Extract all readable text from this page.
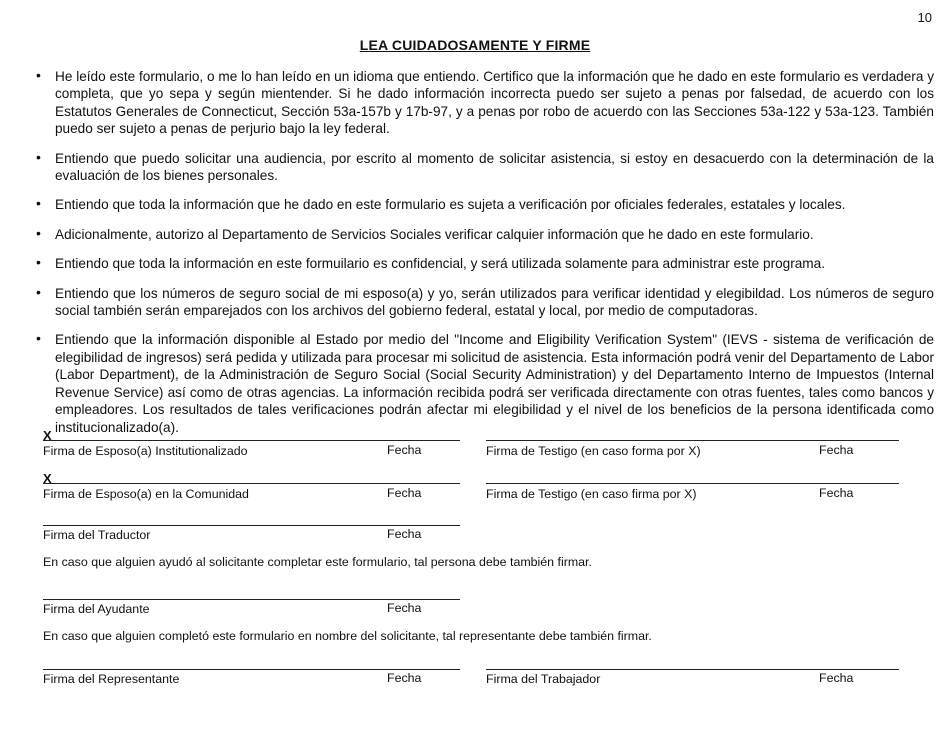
10
LEA CUIDADOSAMENTE Y FIRME
• He leído este formulario, o me lo han leído en un idioma que entiendo. Certifico que la información que he dado en este formulario es verdadera y completa, que yo sepa y según mientender. Si he dado información incorrecta puedo ser sujeto a penas por falsedad, de acuerdo con los Estatutos Generales de Connecticut, Sección 53a-157b y 17b-97, y a penas por robo de acuerdo con las Secciones 53a-122 y 53a-123. También puedo ser sujeto a penas de perjurio bajo la ley federal.
• Entiendo que puedo solicitar una audiencia, por escrito al momento de solicitar asistencia, si estoy en desacuerdo con la determinación de la evaluación de los bienes personales.
• Entiendo que toda la información que he dado en este formulario es sujeta a verificación por oficiales federales, estatales y locales.
• Adicionalmente, autorizo al Departamento de Servicios Sociales verificar calquier información que he dado en este formulario.
• Entiendo que toda la información en este formuilario es confidencial, y será utilizada solamente para administrar este programa.
• Entiendo que los números de seguro social de mi esposo(a) y yo, serán utilizados para verificar identidad y elegibildad. Los números de seguro social también serán emparejados con los archivos del gobierno federal, estatal y local, por medio de computadoras.
• Entiendo que la información disponible al Estado por medio del "Income and Eligibility Verification System" (IEVS - sistema de verificación de elegibilidad de ingresos) será pedida y utilizada para procesar mi solicitud de asistencia. Esta información podrá venir del Departamento de Labor (Labor Department), de la Administración de Seguro Social (Social Security Administration) y del Departamento Interno de Impuestos (Internal Revenue Service) así como de otras agencias. La información recibida podrá ser verificada directamente con otras fuentes, tales como bancos y empleadores. Los resultados de tales verificaciones podrán afectar mi elegibilidad y el nivel de los beneficios de la persona identificada como institucionalizado(a).
X
Firma de Esposo(a) Institutionalizado	Fecha	Firma de Testigo (en caso forma por X)	Fecha
X
Firma de Esposo(a) en la Comunidad	Fecha	Firma de Testigo (en caso firma por X)	Fecha
Firma del Traductor	Fecha
En caso que alguien ayudó al solicitante completar este formulario, tal persona debe también firmar.
Firma del Ayudante	Fecha
En caso que alguien completó este formulario en nombre del solicitante, tal representante debe también firmar.
Firma del Representante	Fecha	Firma del Trabajador	Fecha
